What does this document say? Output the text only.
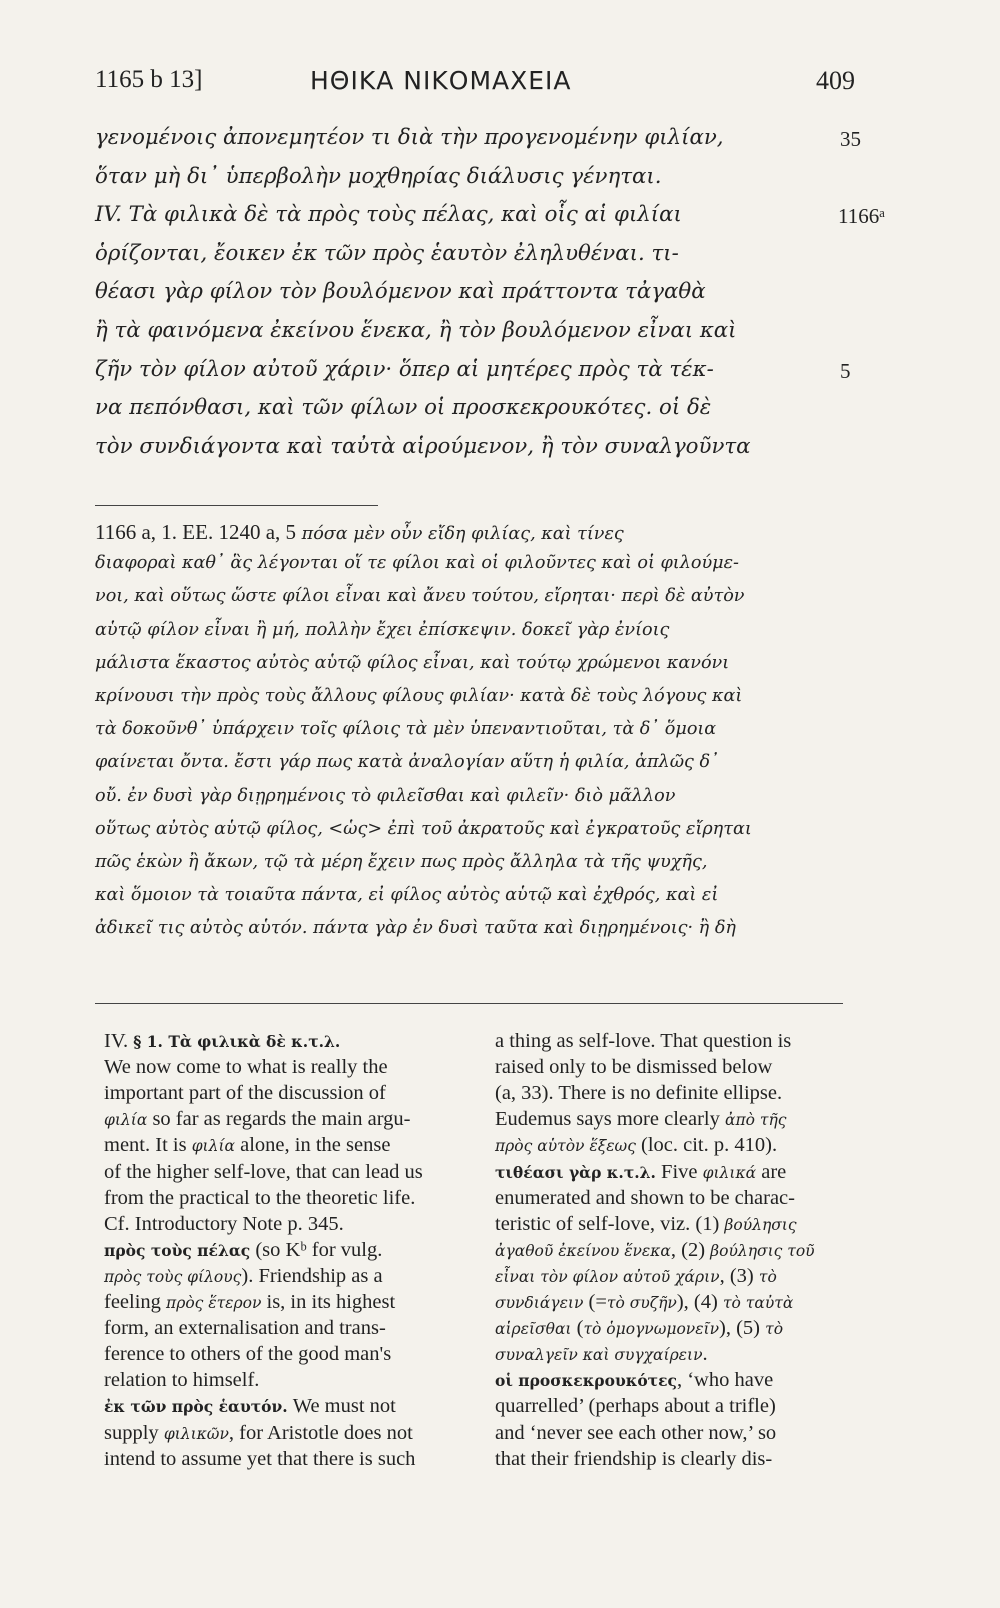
1165 b 13]	ΗΘΙΚΑ ΝΙΚΟΜΑΧΕΙΑ	409
γενομένοις ἀπονεμητέον τι διὰ τὴν προγενομένην φιλίαν,	35
ὅταν μὴ δι᾽ ὑπερβολὴν μοχθηρίας διάλυσις γένηται.
IV. Τὰ φιλικὰ δὲ τὰ πρὸς τοὺς πέλας, καὶ οἷς αἱ φιλίαι	1166ᵃ
ὁρίζονται, ἔοικεν ἐκ τῶν πρὸς ἑαυτὸν ἐληλυθέναι. τι-
θέασι γὰρ φίλον τὸν βουλόμενον καὶ πράττοντα τἀγαθὰ
ἢ τὰ φαινόμενα ἐκείνου ἕνεκα, ἢ τὸν βουλόμενον εἶναι καὶ
ζῆν τὸν φίλον αὐτοῦ χάριν· ὅπερ αἱ μητέρες πρὸς τὰ τέκ-	5
να πεπόνθασι, καὶ τῶν φίλων οἱ προσκεκρουκότες. οἱ δὲ
τὸν συνδιάγοντα καὶ ταὐτὰ αἱρούμενον, ἢ τὸν συναλγοῦντα
1166 a, 1. EE. 1240 a, 5 πόσα μὲν οὖν εἴδη φιλίας, καὶ τίνες
διαφοραὶ καθ᾽ ἃς λέγονται οἵ τε φίλοι καὶ οἱ φιλοῦντες καὶ οἱ φιλούμε-
νοι, καὶ οὕτως ὥστε φίλοι εἶναι καὶ ἄνευ τούτου, εἴρηται· περὶ δὲ αὐτὸν
αὑτῷ φίλον εἶναι ἢ μή, πολλὴν ἔχει ἐπίσκεψιν. δοκεῖ γὰρ ἐνίοις
μάλιστα ἕκαστος αὐτὸς αὑτῷ φίλος εἶναι, καὶ τούτῳ χρώμενοι κανόνι
κρίνουσι τὴν πρὸς τοὺς ἄλλους φίλους φιλίαν· κατὰ δὲ τοὺς λόγους καὶ
τὰ δοκοῦνθ᾽ ὑπάρχειν τοῖς φίλοις τὰ μὲν ὑπεναντιοῦται, τὰ δ᾽ ὅμοια
φαίνεται ὄντα. ἔστι γάρ πως κατὰ ἀναλογίαν αὕτη ἡ φιλία, ἁπλῶς δ᾽
οὔ. ἐν δυσὶ γὰρ διῃρημένοις τὸ φιλεῖσθαι καὶ φιλεῖν· διὸ μᾶλλον
οὕτως αὐτὸς αὑτῷ φίλος, <ὡς> ἐπὶ τοῦ ἀκρατοῦς καὶ ἐγκρατοῦς εἴρηται
πῶς ἑκὼν ἢ ἄκων, τῷ τὰ μέρη ἔχειν πως πρὸς ἄλληλα τὰ τῆς ψυχῆς,
καὶ ὅμοιον τὰ τοιαῦτα πάντα, εἰ φίλος αὐτὸς αὑτῷ καὶ ἐχθρός, καὶ εἰ
ἀδικεῖ τις αὐτὸς αὑτόν. πάντα γὰρ ἐν δυσὶ ταῦτα καὶ διῃρημένοις· ἢ δὴ
IV. § 1. Τὰ φιλικὰ δὲ κ.τ.λ.
We now come to what is really the
important part of the discussion of
φιλία so far as regards the main argu-
ment. It is φιλία alone, in the sense
of the higher self-love, that can lead us
from the practical to the theoretic life.
Cf. Introductory Note p. 345.
πρὸς τοὺς πέλας (so Kᵇ for vulg.
πρὸς τοὺς φίλους). Friendship as a
feeling πρὸς ἕτερον is, in its highest
form, an externalisation and trans-
ference to others of the good man's
relation to himself.
ἐκ τῶν πρὸς ἑαυτόν. We must not
supply φιλικῶν, for Aristotle does not
intend to assume yet that there is such
a thing as self-love. That question is
raised only to be dismissed below
(a, 33). There is no definite ellipse.
Eudemus says more clearly ἀπὸ τῆς
πρὸς αὑτὸν ἕξεως (loc. cit. p. 410).
τιθέασι γὰρ κ.τ.λ. Five φιλικά are
enumerated and shown to be charac-
teristic of self-love, viz. (1) βούλησις
ἀγαθοῦ ἐκείνου ἕνεκα, (2) βούλησις τοῦ
εἶναι τὸν φίλον αὐτοῦ χάριν, (3) τὸ
συνδιάγειν (=τὸ συζῆν), (4) τὸ ταὐτὰ
αἱρεῖσθαι (τὸ ὁμογνωμονεῖν), (5) τὸ
συναλγεῖν καὶ συγχαίρειν.
οἱ προσκεκρουκότες, ‘who have
quarrelled’ (perhaps about a trifle)
and ‘never see each other now,’ so
that their friendship is clearly dis-
